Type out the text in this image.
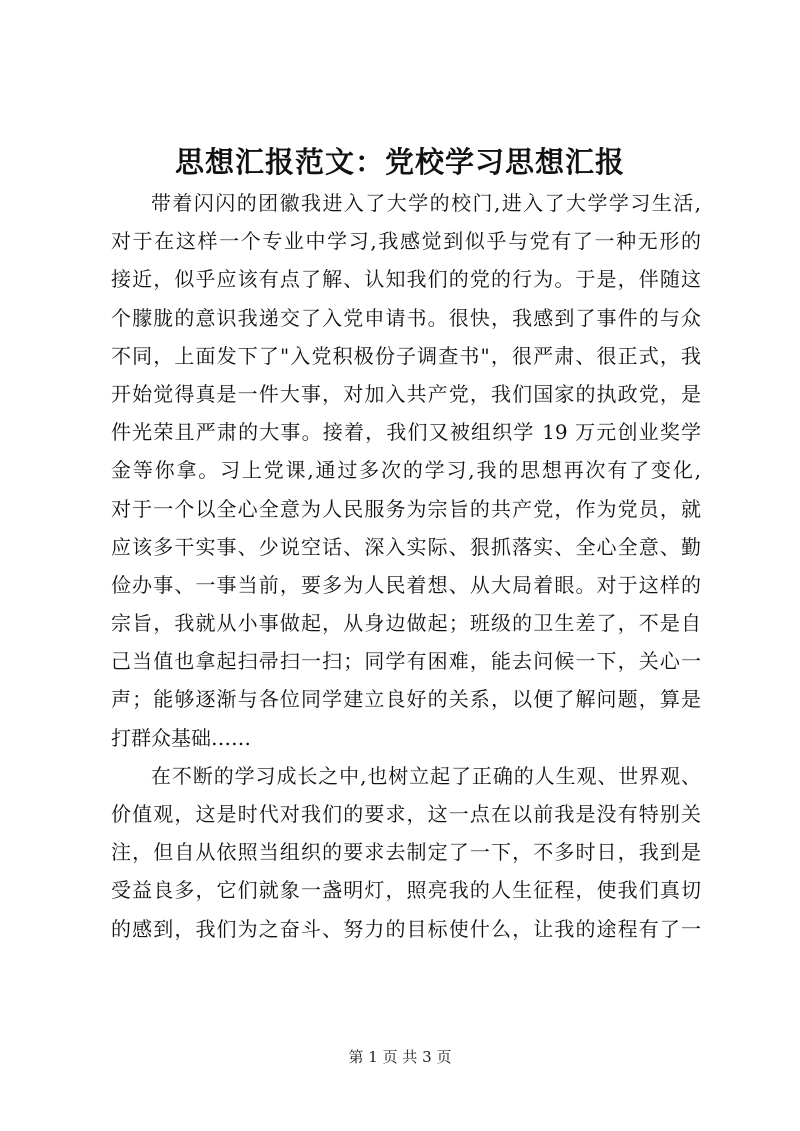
思想汇报范文：党校学习思想汇报
带着闪闪的团徽我进入了大学的校门,进入了大学学习生活,
对于在这样一个专业中学习,我感觉到似乎与党有了一种无形的
接近，似乎应该有点了解、认知我们的党的行为。于是，伴随这
个朦胧的意识我递交了入党申请书。很快，我感到了事件的与众
不同，上面发下了"入党积极份子调查书"，很严肃、很正式，我
开始觉得真是一件大事，对加入共产党，我们国家的执政党，是
件光荣且严肃的大事。接着，我们又被组织学 19 万元创业奖学
金等你拿。习上党课,通过多次的学习,我的思想再次有了变化,
对于一个以全心全意为人民服务为宗旨的共产党，作为党员，就
应该多干实事、少说空话、深入实际、狠抓落实、全心全意、勤
俭办事、一事当前，要多为人民着想、从大局着眼。对于这样的
宗旨，我就从小事做起，从身边做起；班级的卫生差了，不是自
己当值也拿起扫帚扫一扫；同学有困难，能去问候一下，关心一
声；能够逐渐与各位同学建立良好的关系，以便了解问题，算是
打群众基础……
在不断的学习成长之中,也树立起了正确的人生观、世界观、
价值观，这是时代对我们的要求，这一点在以前我是没有特别关
注，但自从依照当组织的要求去制定了一下，不多时日，我到是
受益良多，它们就象一盏明灯，照亮我的人生征程，使我们真切
的感到，我们为之奋斗、努力的目标使什么，让我的途程有了一
第 1 页 共 3 页
